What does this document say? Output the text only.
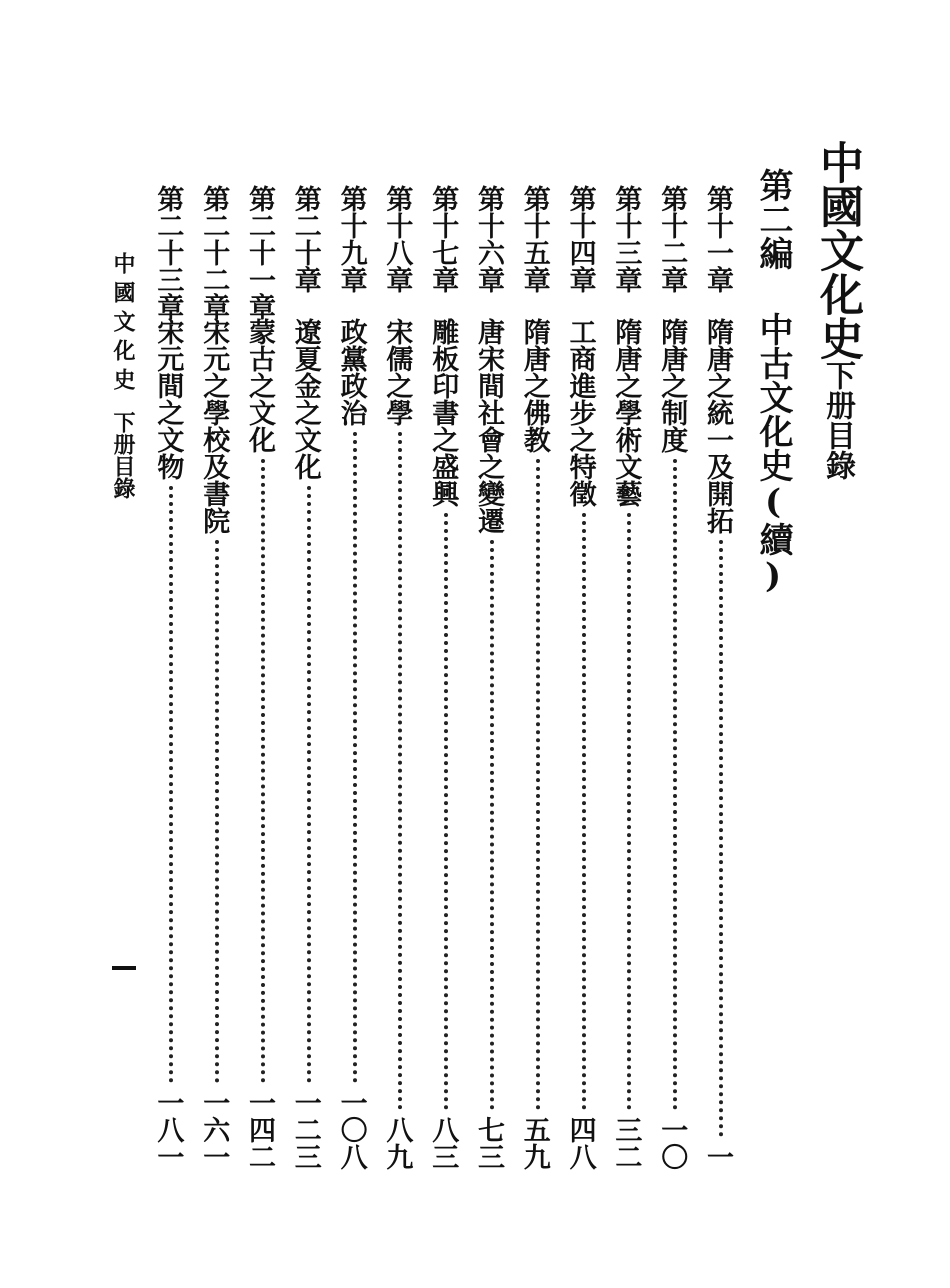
中國文化史下册目錄
第二編中古文化史(續)
第十一章
隋唐之統一及開拓
一
第十二章
隋唐之制度
一〇
第十三章
隋唐之學術文藝
三二
第十四章
工商進步之特徵
四八
第十五章
隋唐之佛教
五九
第十六章
唐宋間社會之變遷
七三
第十七章
雕板印書之盛興
八三
第十八章
宋儒之學
八九
第十九章
政黨政治
一〇八
第二十章
遼夏金之文化
一二三
第二十一章
蒙古之文化
一四二
第二十二章
宋元之學校及書院
一六一
第二十三章
宋元間之文物
一八一
中國文化史下册目錄
